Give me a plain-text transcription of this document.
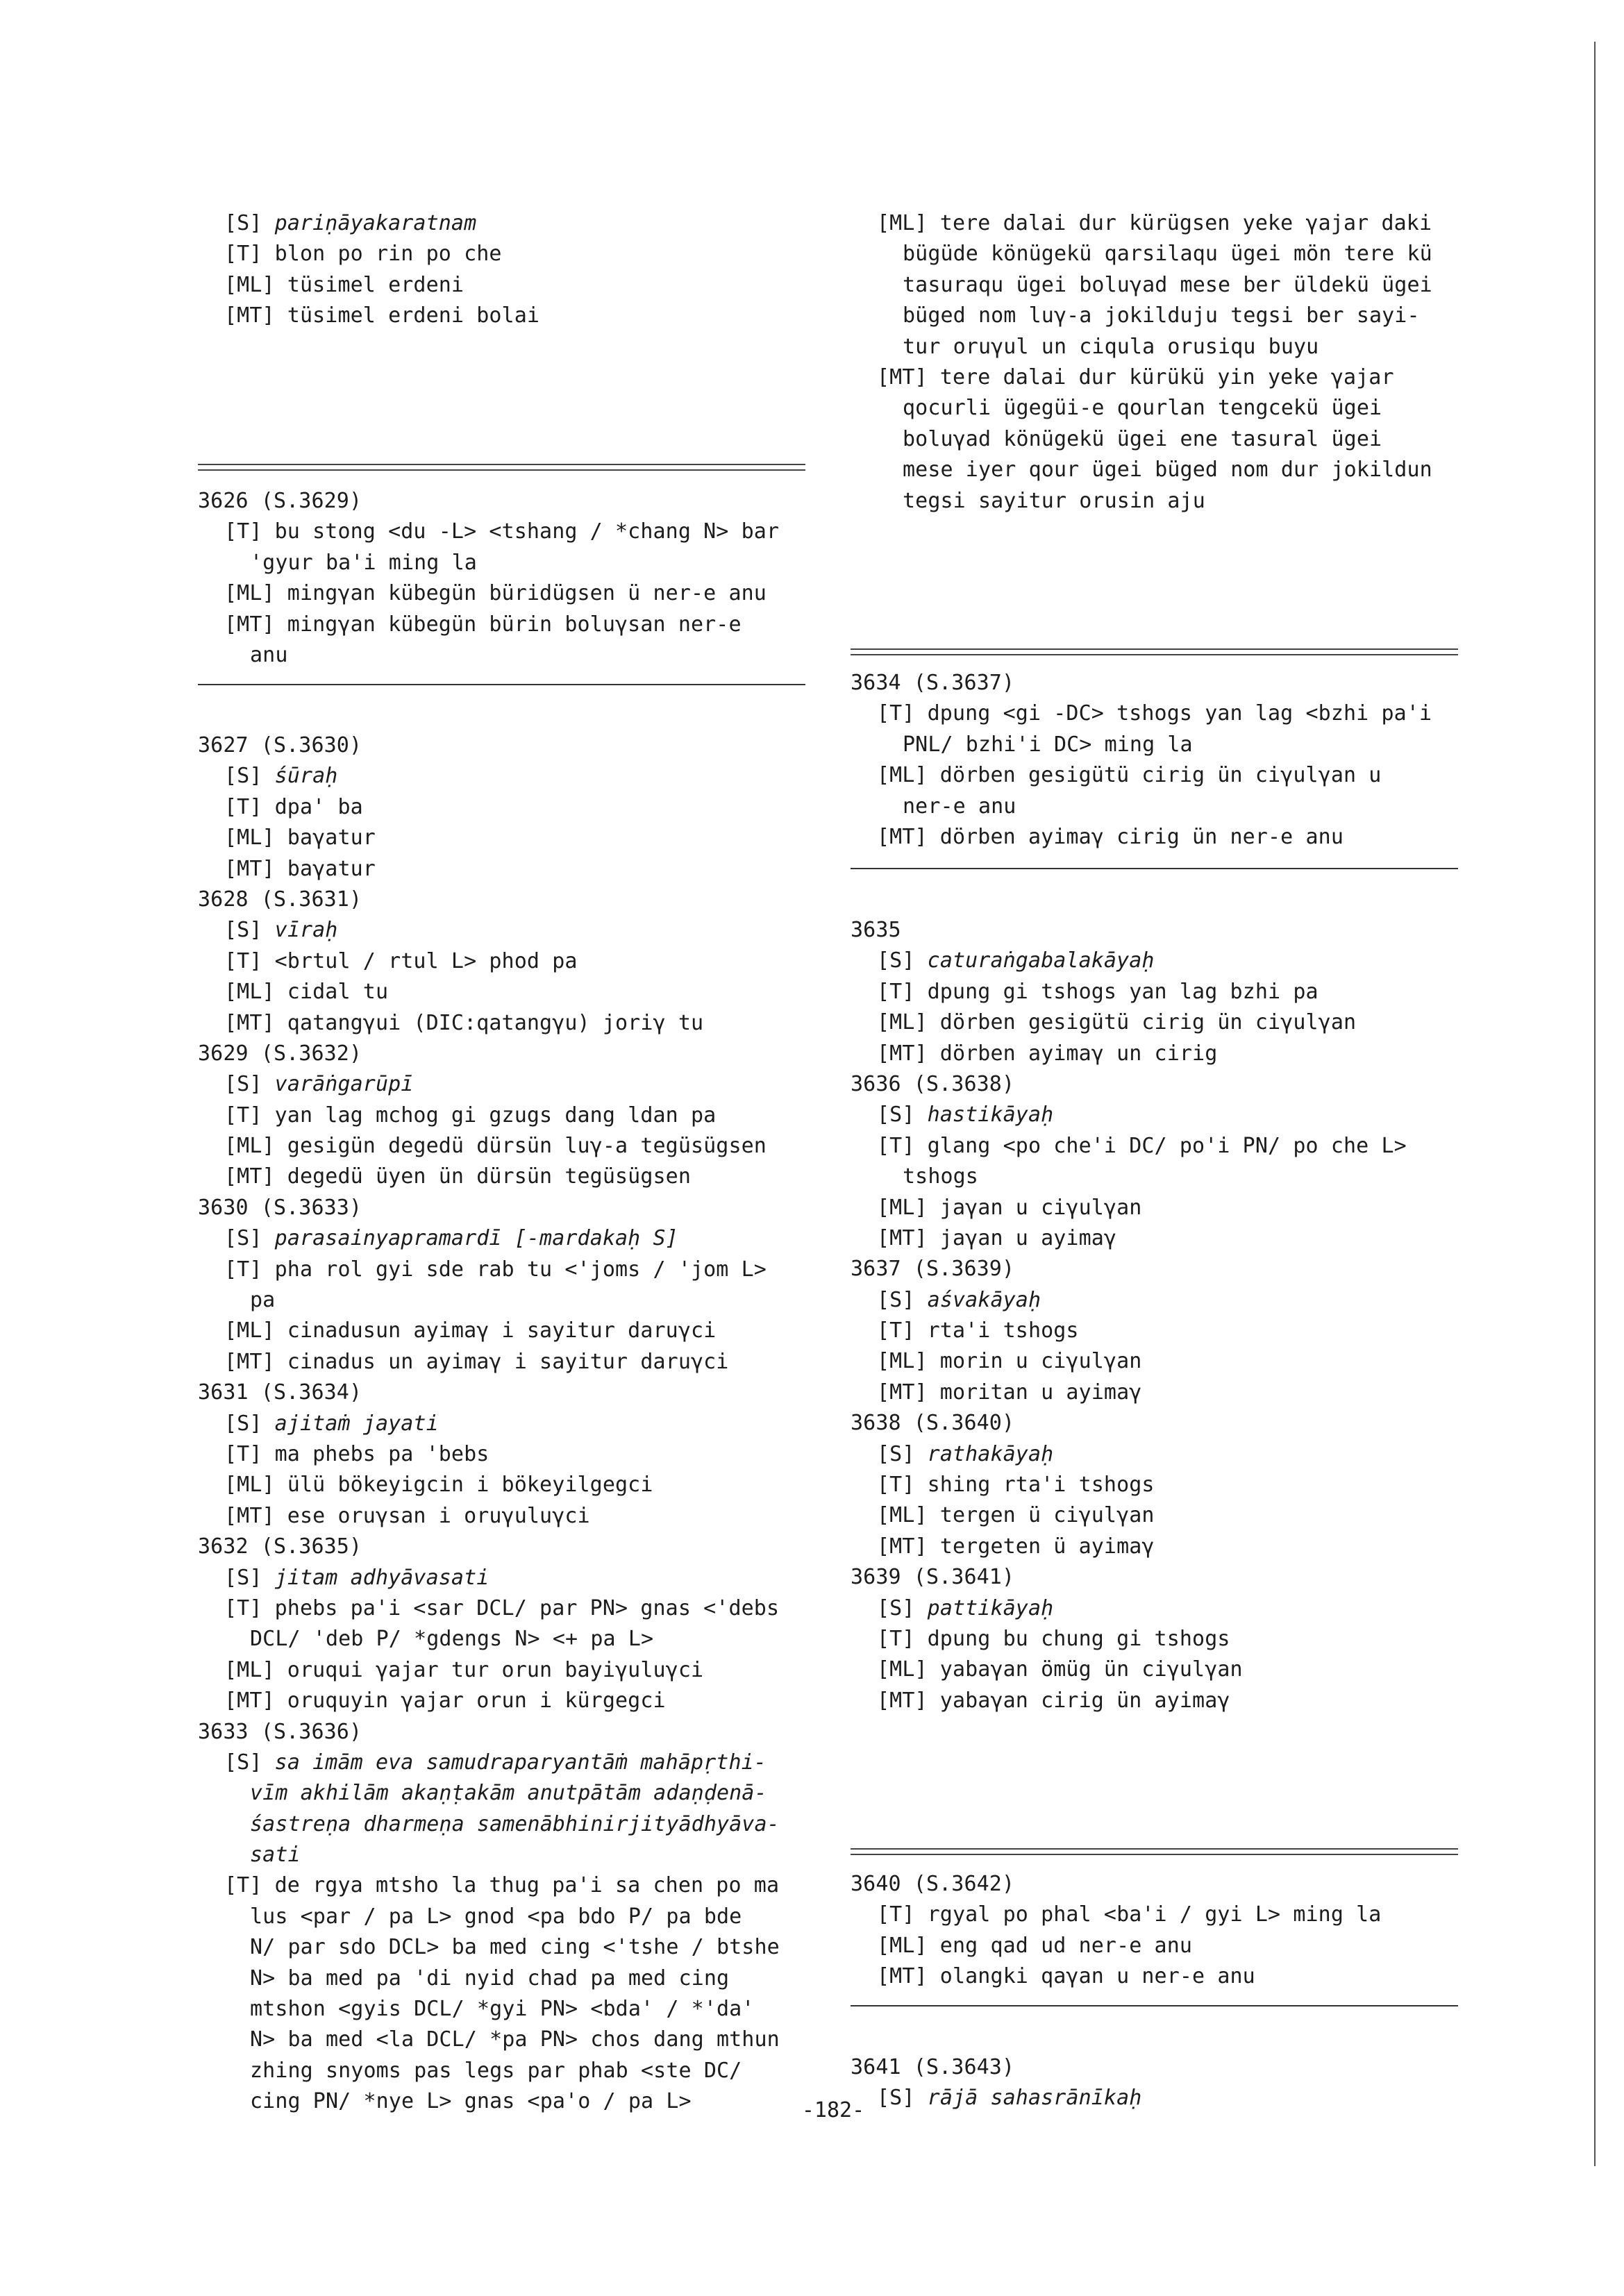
[S] pariṇāyakaratnam
[T] blon po rin po che
[ML] tüsimel erdeni
[MT] tüsimel erdeni bolai
3626 (S.3629)
[T] bu stong <du -L> <tshang / *chang N> bar
'gyur ba'i ming la
[ML] mingγan kübegün büridügsen ü ner-e anu
[MT] mingγan kübegün bürin boluγsan ner-e
anu
3627 (S.3630)
[S] śūraḥ
[T] dpa' ba
[ML] baγatur
[MT] baγatur
3628 (S.3631)
[S] vīraḥ
[T] <brtul / rtul L> phod pa
[ML] cidal tu
[MT] qatangγui (DIC:qatangγu) joriγ tu
3629 (S.3632)
[S] varāṅgarūpī
[T] yan lag mchog gi gzugs dang ldan pa
[ML] gesigün degedü dürsün luγ-a tegüsügsen
[MT] degedü üyen ün dürsün tegüsügsen
3630 (S.3633)
[S] parasainyapramardī [-mardakaḥ S]
[T] pha rol gyi sde rab tu <'joms / 'jom L>
pa
[ML] cinadusun ayimaγ i sayitur daruγci
[MT] cinadus un ayimaγ i sayitur daruγci
3631 (S.3634)
[S] ajitaṁ jayati
[T] ma phebs pa 'bebs
[ML] ülü bökeyigcin i bökeyilgegci
[MT] ese oruγsan i oruγuluγci
3632 (S.3635)
[S] jitam adhyāvasati
[T] phebs pa'i <sar DCL/ par PN> gnas <'debs
DCL/ 'deb P/ *gdengs N> <+ pa L>
[ML] oruqui γajar tur orun bayiγuluγci
[MT] oruquyin γajar orun i kürgegci
3633 (S.3636)
[S] sa imām eva samudraparyantāṁ mahāpṛthi-
vīm akhilām akaṇṭakām anutpātām adaṇḍenā-
śastreṇa dharmeṇa samenābhinirjityādhyāva-
sati
[T] de rgya mtsho la thug pa'i sa chen po ma
lus <par / pa L> gnod <pa bdo P/ pa bde
N/ par sdo DCL> ba med cing <'tshe / btshe
N> ba med pa 'di nyid chad pa med cing
mtshon <gyis DCL/ *gyi PN> <bda' / *'da'
N> ba med <la DCL/ *pa PN> chos dang mthun
zhing snyoms pas legs par phab <ste DC/
cing PN/ *nye L> gnas <pa'o / pa L>
[ML] tere dalai dur kürügsen yeke γajar daki
bügüde könügekü qarsilaqu ügei mön tere kü
tasuraqu ügei boluγad mese ber üldekü ügei
büged nom luγ-a jokilduju tegsi ber sayi-
tur oruγul un ciqula orusiqu buyu
[MT] tere dalai dur kürükü yin yeke γajar
qocurli ügegüi-e qourlan tengcekü ügei
boluγad könügekü ügei ene tasural ügei
mese iyer qour ügei büged nom dur jokildun
tegsi sayitur orusin aju
3634 (S.3637)
[T] dpung <gi -DC> tshogs yan lag <bzhi pa'i
PNL/ bzhi'i DC> ming la
[ML] dörben gesigütü cirig ün ciγulγan u
ner-e anu
[MT] dörben ayimaγ cirig ün ner-e anu
3635
[S] caturaṅgabalakāyaḥ
[T] dpung gi tshogs yan lag bzhi pa
[ML] dörben gesigütü cirig ün ciγulγan
[MT] dörben ayimaγ un cirig
3636 (S.3638)
[S] hastikāyaḥ
[T] glang <po che'i DC/ po'i PN/ po che L>
tshogs
[ML] jaγan u ciγulγan
[MT] jaγan u ayimaγ
3637 (S.3639)
[S] aśvakāyaḥ
[T] rta'i tshogs
[ML] morin u ciγulγan
[MT] moritan u ayimaγ
3638 (S.3640)
[S] rathakāyaḥ
[T] shing rta'i tshogs
[ML] tergen ü ciγulγan
[MT] tergeten ü ayimaγ
3639 (S.3641)
[S] pattikāyaḥ
[T] dpung bu chung gi tshogs
[ML] yabaγan ömüg ün ciγulγan
[MT] yabaγan cirig ün ayimaγ
3640 (S.3642)
[T] rgyal po phal <ba'i / gyi L> ming la
[ML] eng qad ud ner-e anu
[MT] olangki qaγan u ner-e anu
3641 (S.3643)
[S] rājā sahasrānīkaḥ
-182-
